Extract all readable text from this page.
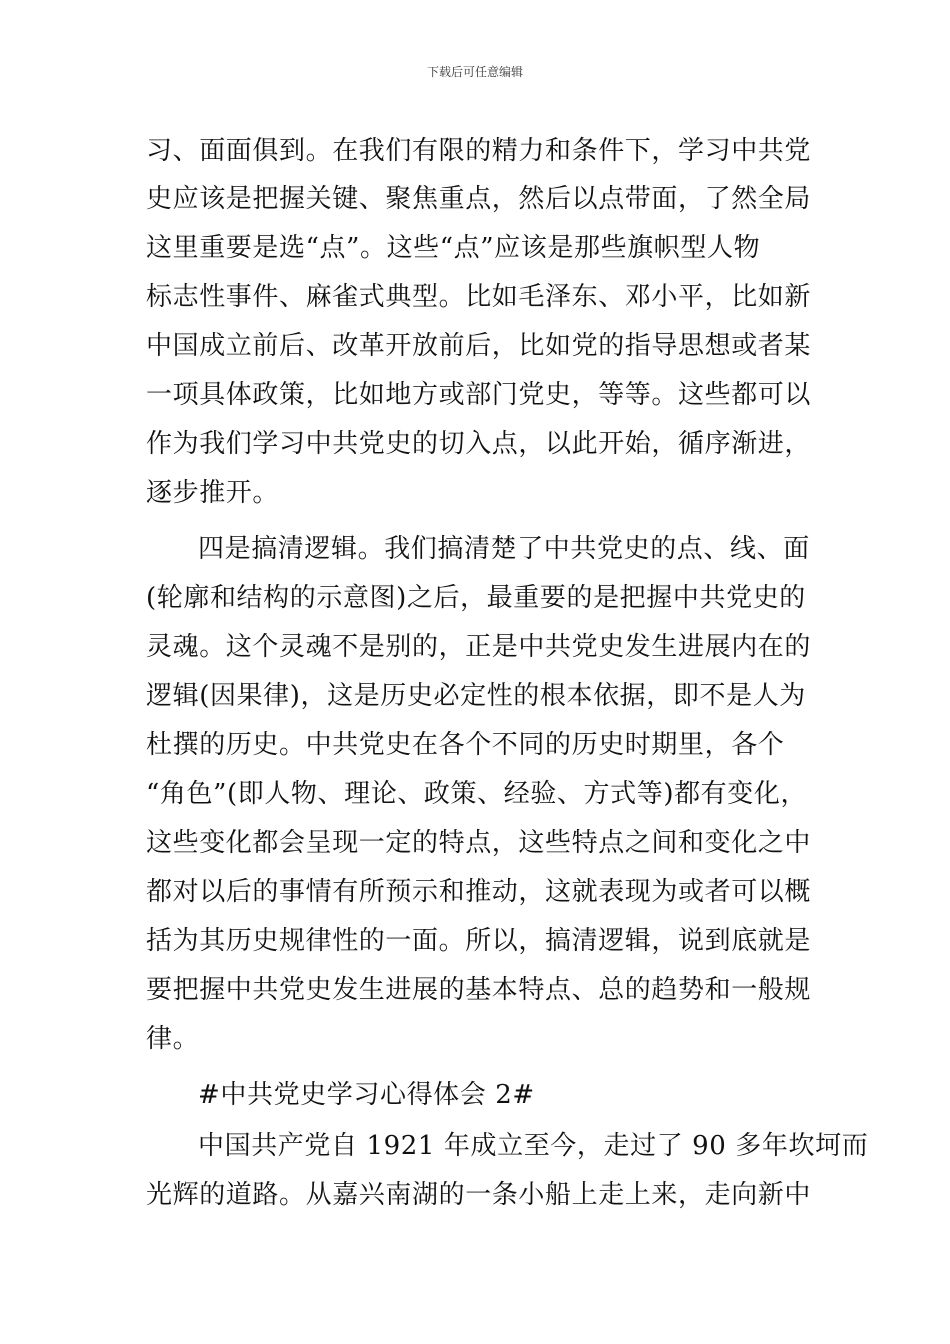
下载后可任意编辑
习、面面俱到。在我们有限的精力和条件下，学习中共党
史应该是把握关键、聚焦重点，然后以点带面，了然全局
这里重要是选“点”。这些“点”应该是那些旗帜型人物
标志性事件、麻雀式典型。比如毛泽东、邓小平，比如新
中国成立前后、改革开放前后，比如党的指导思想或者某
一项具体政策，比如地方或部门党史，等等。这些都可以
作为我们学习中共党史的切入点，以此开始，循序渐进，
逐步推开。
四是搞清逻辑。我们搞清楚了中共党史的点、线、面
(轮廓和结构的示意图)之后，最重要的是把握中共党史的
灵魂。这个灵魂不是别的，正是中共党史发生进展内在的
逻辑(因果律)，这是历史必定性的根本依据，即不是人为
杜撰的历史。中共党史在各个不同的历史时期里，各个
“角色”(即人物、理论、政策、经验、方式等)都有变化，
这些变化都会呈现一定的特点，这些特点之间和变化之中
都对以后的事情有所预示和推动，这就表现为或者可以概
括为其历史规律性的一面。所以，搞清逻辑，说到底就是
要把握中共党史发生进展的基本特点、总的趋势和一般规
律。
#中共党史学习心得体会 2#
中国共产党自 1921 年成立至今，走过了 90 多年坎坷而
光辉的道路。从嘉兴南湖的一条小船上走上来，走向新中
